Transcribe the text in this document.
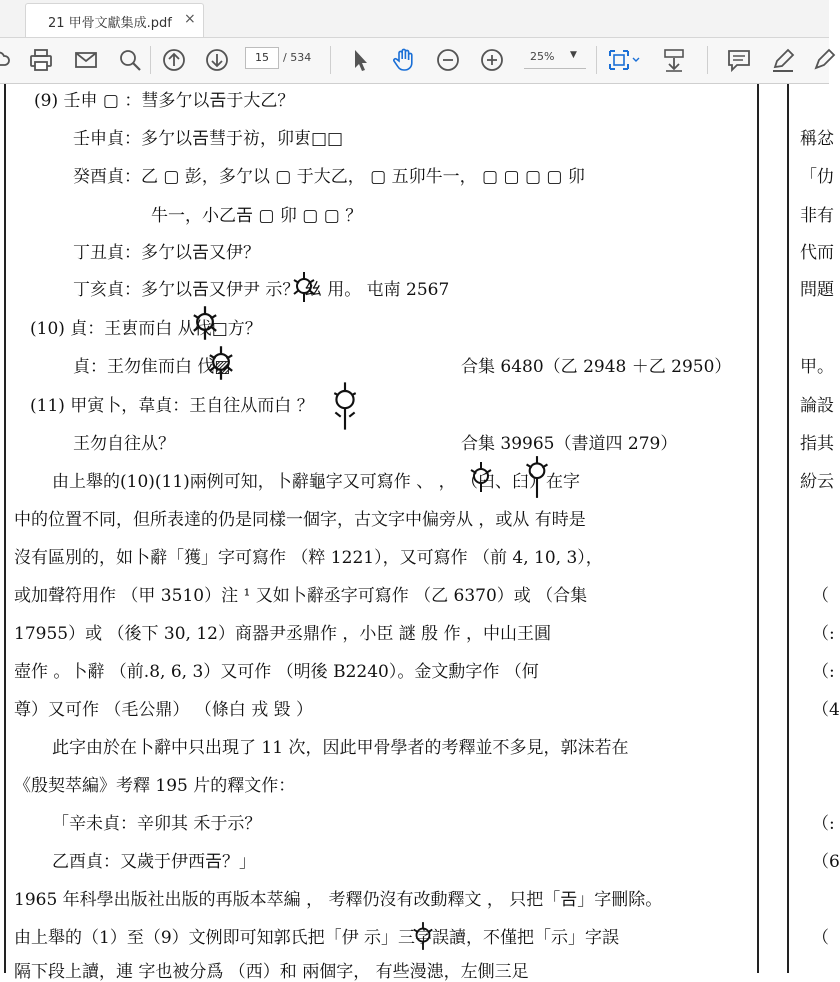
21 甲骨文獻集成.pdf ×
15	/ 534	25% ▼
(9) 壬申 ▢ ：彗多亇以𢀛于大乙？
壬申貞：多亇以𢀛彗于祊，卯叀□□
癸酉貞：乙 ▢ 彭，多亇以 ▢ 于大乙， ▢ 五卯牛一， ▢ ▢ ▢ ▢ 卯
牛一，小乙𢀛 ▢ 卯 ▢ ▢ ？
丁丑貞：多亇以𢀛又伊？
丁亥貞：多亇以𢀛又伊尹 示？ 𢆶 用。 屯南 2567
(10) 貞：王叀而白 从伐□方？
貞：王勿隹而白 伐▨	合集 6480（乙 2948 ＋乙 2950）
(11) 甲寅卜，韋貞：王自往从而白 ？
王勿自往从？	合集 39965（書道四 279）
由上舉的(10)(11)兩例可知，卜辭龜字又可寫作 、 ， （臼、𦥑）在字
中的位置不同，但所表達的仍是同樣一個字，古文字中偏旁从 ，或从 有時是
沒有區別的，如卜辭「獲」字可寫作 （粹 1221），又可寫作 （前 4, 10, 3），
或加聲符用作 （甲 3510）注 ¹ 又如卜辭丞字可寫作 （乙 6370）或 （合集
17955）或 （後下 30, 12）商器尹丞鼎作 ，小臣 謎 殷 作 ，中山王圓
壺作 。卜辭 （前.8, 6, 3）又可作 （明後 B2240）。金文勳字作 （何
尊）又可作 （毛公鼎） （條白 戎 毀 ）
此字由於在卜辭中只出現了 11 次，因此甲骨學者的考釋並不多見，郭沫若在
《殷契萃編》考釋 195 片的釋文作：
「辛未貞：辛卯其 禾于示？
乙酉貞：又歲于伊西𢀛？」
1965 年科學出版社出版的再版本萃編 ， 考釋仍沒有改動釋文 ， 只把「𢀛」字刪除。
由上舉的（1）至（9）文例即可知郭氏把「伊 示」三字誤讀，不僅把「示」字誤
隔下段上讀，連 字也被分爲 （西）和 兩個字， 有些漫漶，左側三足
稱忿
「仂
非有
代而
問題
甲。
論設
指其
紛云
（
（:
（:
（4
（:
（6
（
